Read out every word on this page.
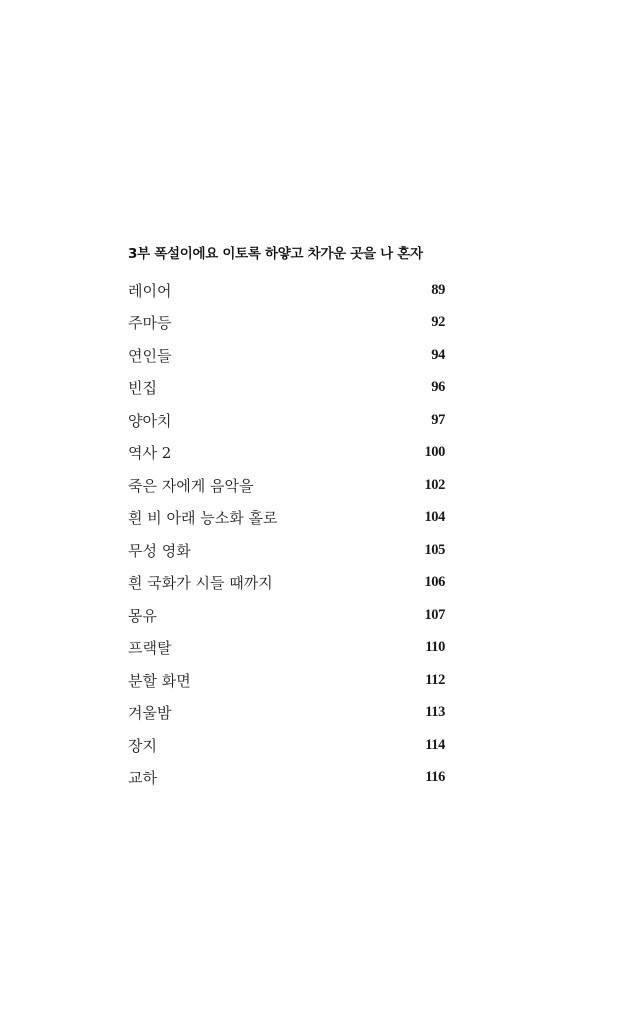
3부 폭설이에요 이토록 하얗고 차가운 곳을 나 혼자
레이어	89
주마등	92
연인들	94
빈집	96
양아치	97
역사 2	100
죽은 자에게 음악을	102
흰 비 아래 능소화 홀로	104
무성 영화	105
흰 국화가 시들 때까지	106
몽유	107
프랙탈	110
분할 화면	112
겨울밤	113
장지	114
교하	116
